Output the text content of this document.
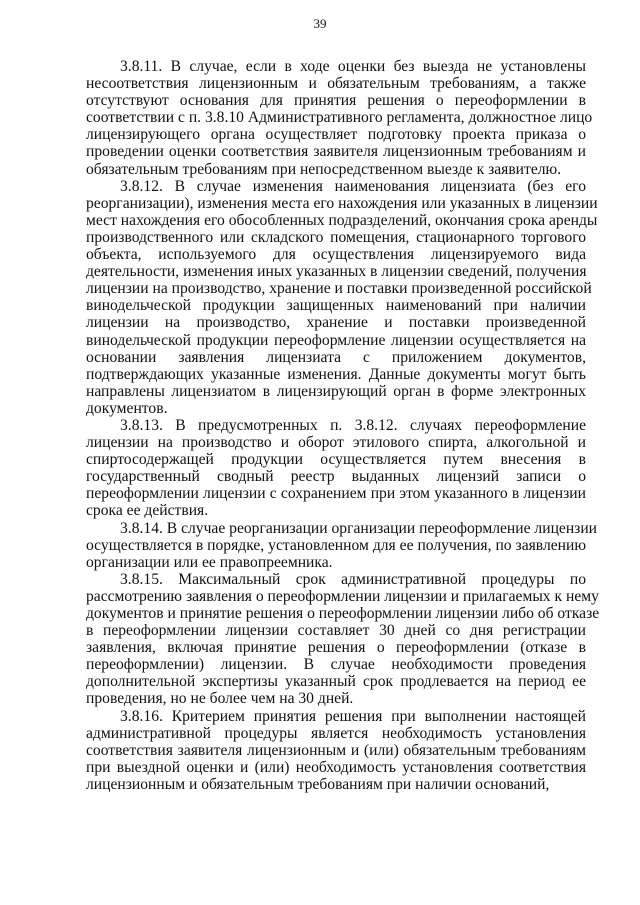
39
3.8.11. В случае, если в ходе оценки без выезда не установлены
несоответствия лицензионным и обязательным требованиям, а также
отсутствуют основания для принятия решения о переоформлении в
соответствии с п. 3.8.10 Административного регламента, должностное лицо
лицензирующего органа осуществляет подготовку проекта приказа о
проведении оценки соответствия заявителя лицензионным требованиям и
обязательным требованиям при непосредственном выезде к заявителю.
3.8.12. В случае изменения наименования лицензиата (без его
реорганизации), изменения места его нахождения или указанных в лицензии
мест нахождения его обособленных подразделений, окончания срока аренды
производственного или складского помещения, стационарного торгового
объекта, используемого для осуществления лицензируемого вида
деятельности, изменения иных указанных в лицензии сведений, получения
лицензии на производство, хранение и поставки произведенной российской
винодельческой продукции защищенных наименований при наличии
лицензии на производство, хранение и поставки произведенной
винодельческой продукции переоформление лицензии осуществляется на
основании заявления лицензиата с приложением документов,
подтверждающих указанные изменения. Данные документы могут быть
направлены лицензиатом в лицензирующий орган в форме электронных
документов.
3.8.13. В предусмотренных п. 3.8.12. случаях переоформление
лицензии на производство и оборот этилового спирта, алкогольной и
спиртосодержащей продукции осуществляется путем внесения в
государственный сводный реестр выданных лицензий записи о
переоформлении лицензии с сохранением при этом указанного в лицензии
срока ее действия.
3.8.14. В случае реорганизации организации переоформление лицензии
осуществляется в порядке, установленном для ее получения, по заявлению
организации или ее правопреемника.
3.8.15. Максимальный срок административной процедуры по
рассмотрению заявления о переоформлении лицензии и прилагаемых к нему
документов и принятие решения о переоформлении лицензии либо об отказе
в переоформлении лицензии составляет 30 дней со дня регистрации
заявления, включая принятие решения о переоформлении (отказе в
переоформлении) лицензии. В случае необходимости проведения
дополнительной экспертизы указанный срок продлевается на период ее
проведения, но не более чем на 30 дней.
3.8.16. Критерием принятия решения при выполнении настоящей
административной процедуры является необходимость установления
соответствия заявителя лицензионным и (или) обязательным требованиям
при выездной оценки и (или) необходимость установления соответствия
лицензионным и обязательным требованиям при наличии оснований,
